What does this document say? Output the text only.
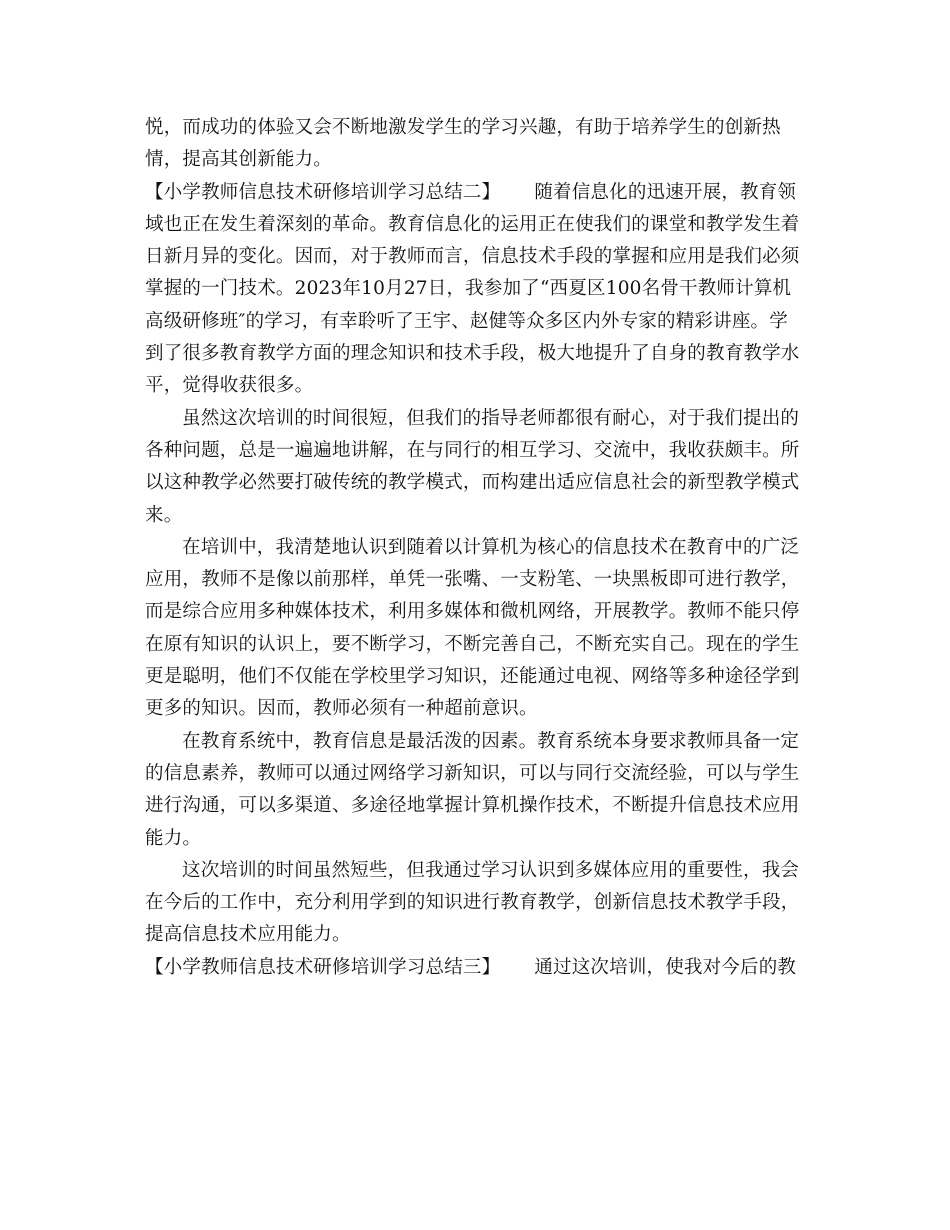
悦，而成功的体验又会不断地激发学生的学习兴趣，有助于培养学生的创新热情，提高其创新能力。

【小学教师信息技术研修培训学习总结二】 随着信息化的迅速开展，教育领域也正在发生着深刻的革命。教育信息化的运用正在使我们的课堂和教学发生着日新月异的变化。因而，对于教师而言，信息技术手段的掌握和应用是我们必须掌握的一门技术。2023年10月27日，我参加了“西夏区100名骨干教师计算机高级研修班″的学习，有幸聆听了王宇、赵健等众多区内外专家的精彩讲座。学到了很多教育教学方面的理念知识和技术手段，极大地提升了自身的教育教学水平，觉得收获很多。

虽然这次培训的时间很短，但我们的指导老师都很有耐心，对于我们提出的各种问题，总是一遍遍地讲解，在与同行的相互学习、交流中，我收获颇丰。所以这种教学必然要打破传统的教学模式，而构建出适应信息社会的新型教学模式来。

在培训中，我清楚地认识到随着以计算机为核心的信息技术在教育中的广泛应用，教师不是像以前那样，单凭一张嘴、一支粉笔、一块黑板即可进行教学，而是综合应用多种媒体技术，利用多媒体和微机网络，开展教学。教师不能只停在原有知识的认识上，要不断学习，不断完善自己，不断充实自己。现在的学生更是聪明，他们不仅能在学校里学习知识，还能通过电视、网络等多种途径学到更多的知识。因而，教师必须有一种超前意识。

在教育系统中，教育信息是最活泼的因素。教育系统本身要求教师具备一定的信息素养，教师可以通过网络学习新知识，可以与同行交流经验，可以与学生进行沟通，可以多渠道、多途径地掌握计算机操作技术，不断提升信息技术应用能力。

这次培训的时间虽然短些，但我通过学习认识到多媒体应用的重要性，我会在今后的工作中，充分利用学到的知识进行教育教学，创新信息技术教学手段，提高信息技术应用能力。

【小学教师信息技术研修培训学习总结三】 通过这次培训，使我对今后的教
